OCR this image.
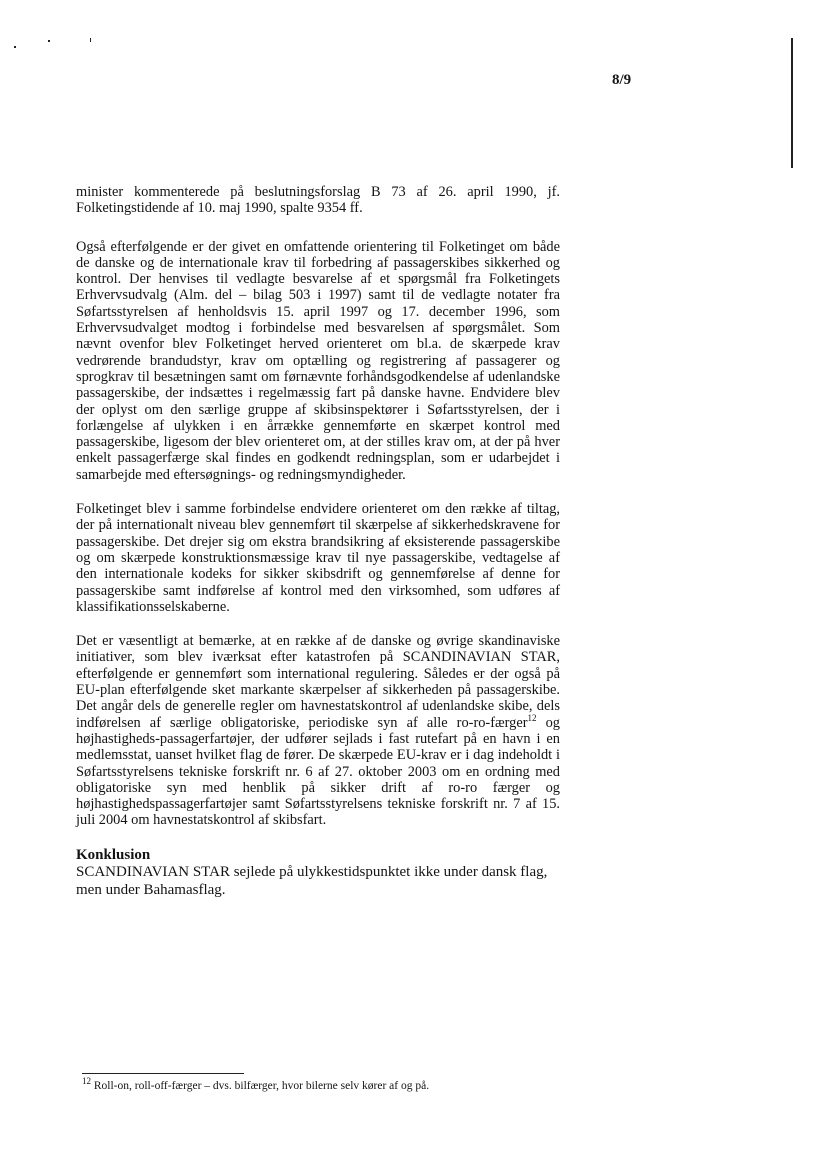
8/9

minister kommenterede på beslutningsforslag B 73 af 26. april 1990, jf. Folketingstidende af 10. maj 1990, spalte 9354 ff.

Også efterfølgende er der givet en omfattende orientering til Folketinget om både de danske og de internationale krav til forbedring af passagerskibes sikkerhed og kontrol. Der henvises til vedlagte besvarelse af et spørgsmål fra Folketingets Erhvervsudvalg (Alm. del – bilag 503 i 1997) samt til de vedlagte notater fra Søfartsstyrelsen af henholdsvis 15. april 1997 og 17. december 1996, som Erhvervsudvalget modtog i forbindelse med besvarelsen af spørgsmålet. Som nævnt ovenfor blev Folketinget herved orienteret om bl.a. de skærpede krav vedrørende brandudstyr, krav om optælling og registrering af passagerer og sprogkrav til besætningen samt om førnævnte forhåndsgodkendelse af udenlandske passagerskibe, der indsættes i regelmæssig fart på danske havne. Endvidere blev der oplyst om den særlige gruppe af skibsinspektører i Søfartsstyrelsen, der i forlængelse af ulykken i en årrække gennemførte en skærpet kontrol med passagerskibe, ligesom der blev orienteret om, at der stilles krav om, at der på hver enkelt passagerfærge skal findes en godkendt redningsplan, som er udarbejdet i samarbejde med eftersøgnings- og redningsmyndigheder.

Folketinget blev i samme forbindelse endvidere orienteret om den række af tiltag, der på internationalt niveau blev gennemført til skærpelse af sikkerhedskravene for passagerskibe. Det drejer sig om ekstra brandsikring af eksisterende passagerskibe og om skærpede konstruktionsmæssige krav til nye passagerskibe, vedtagelse af den internationale kodeks for sikker skibsdrift og gennemførelse af denne for passagerskibe samt indførelse af kontrol med den virksomhed, som udføres af klassifikationsselskaberne.

Det er væsentligt at bemærke, at en række af de danske og øvrige skandinaviske initiativer, som blev iværksat efter katastrofen på SCANDINAVIAN STAR, efterfølgende er gennemført som international regulering. Således er der også på EU-plan efterfølgende sket markante skærpelser af sikkerheden på passagerskibe. Det angår dels de generelle regler om havnestatskontrol af udenlandske skibe, dels indførelsen af særlige obligatoriske, periodiske syn af alle ro-ro-færger$^{12}$ og højhastigheds-passagerfartøjer, der udfører sejlads i fast rutefart på en havn i en medlemsstat, uanset hvilket flag de fører. De skærpede EU-krav er i dag indeholdt i Søfartsstyrelsens tekniske forskrift nr. 6 af 27. oktober 2003 om en ordning med obligatoriske syn med henblik på sikker drift af ro-ro færger og højhastighedspassagerfartøjer samt Søfartsstyrelsens tekniske forskrift nr. 7 af 15. juli 2004 om havnestatskontrol af skibsfart.

Konklusion

SCANDINAVIAN STAR sejlede på ulykkestidspunktet ikke under dansk flag, men under Bahamasflag.

$^{12}$ Roll-on, roll-off-færger – dvs. bilfærger, hvor bilerne selv kører af og på.
